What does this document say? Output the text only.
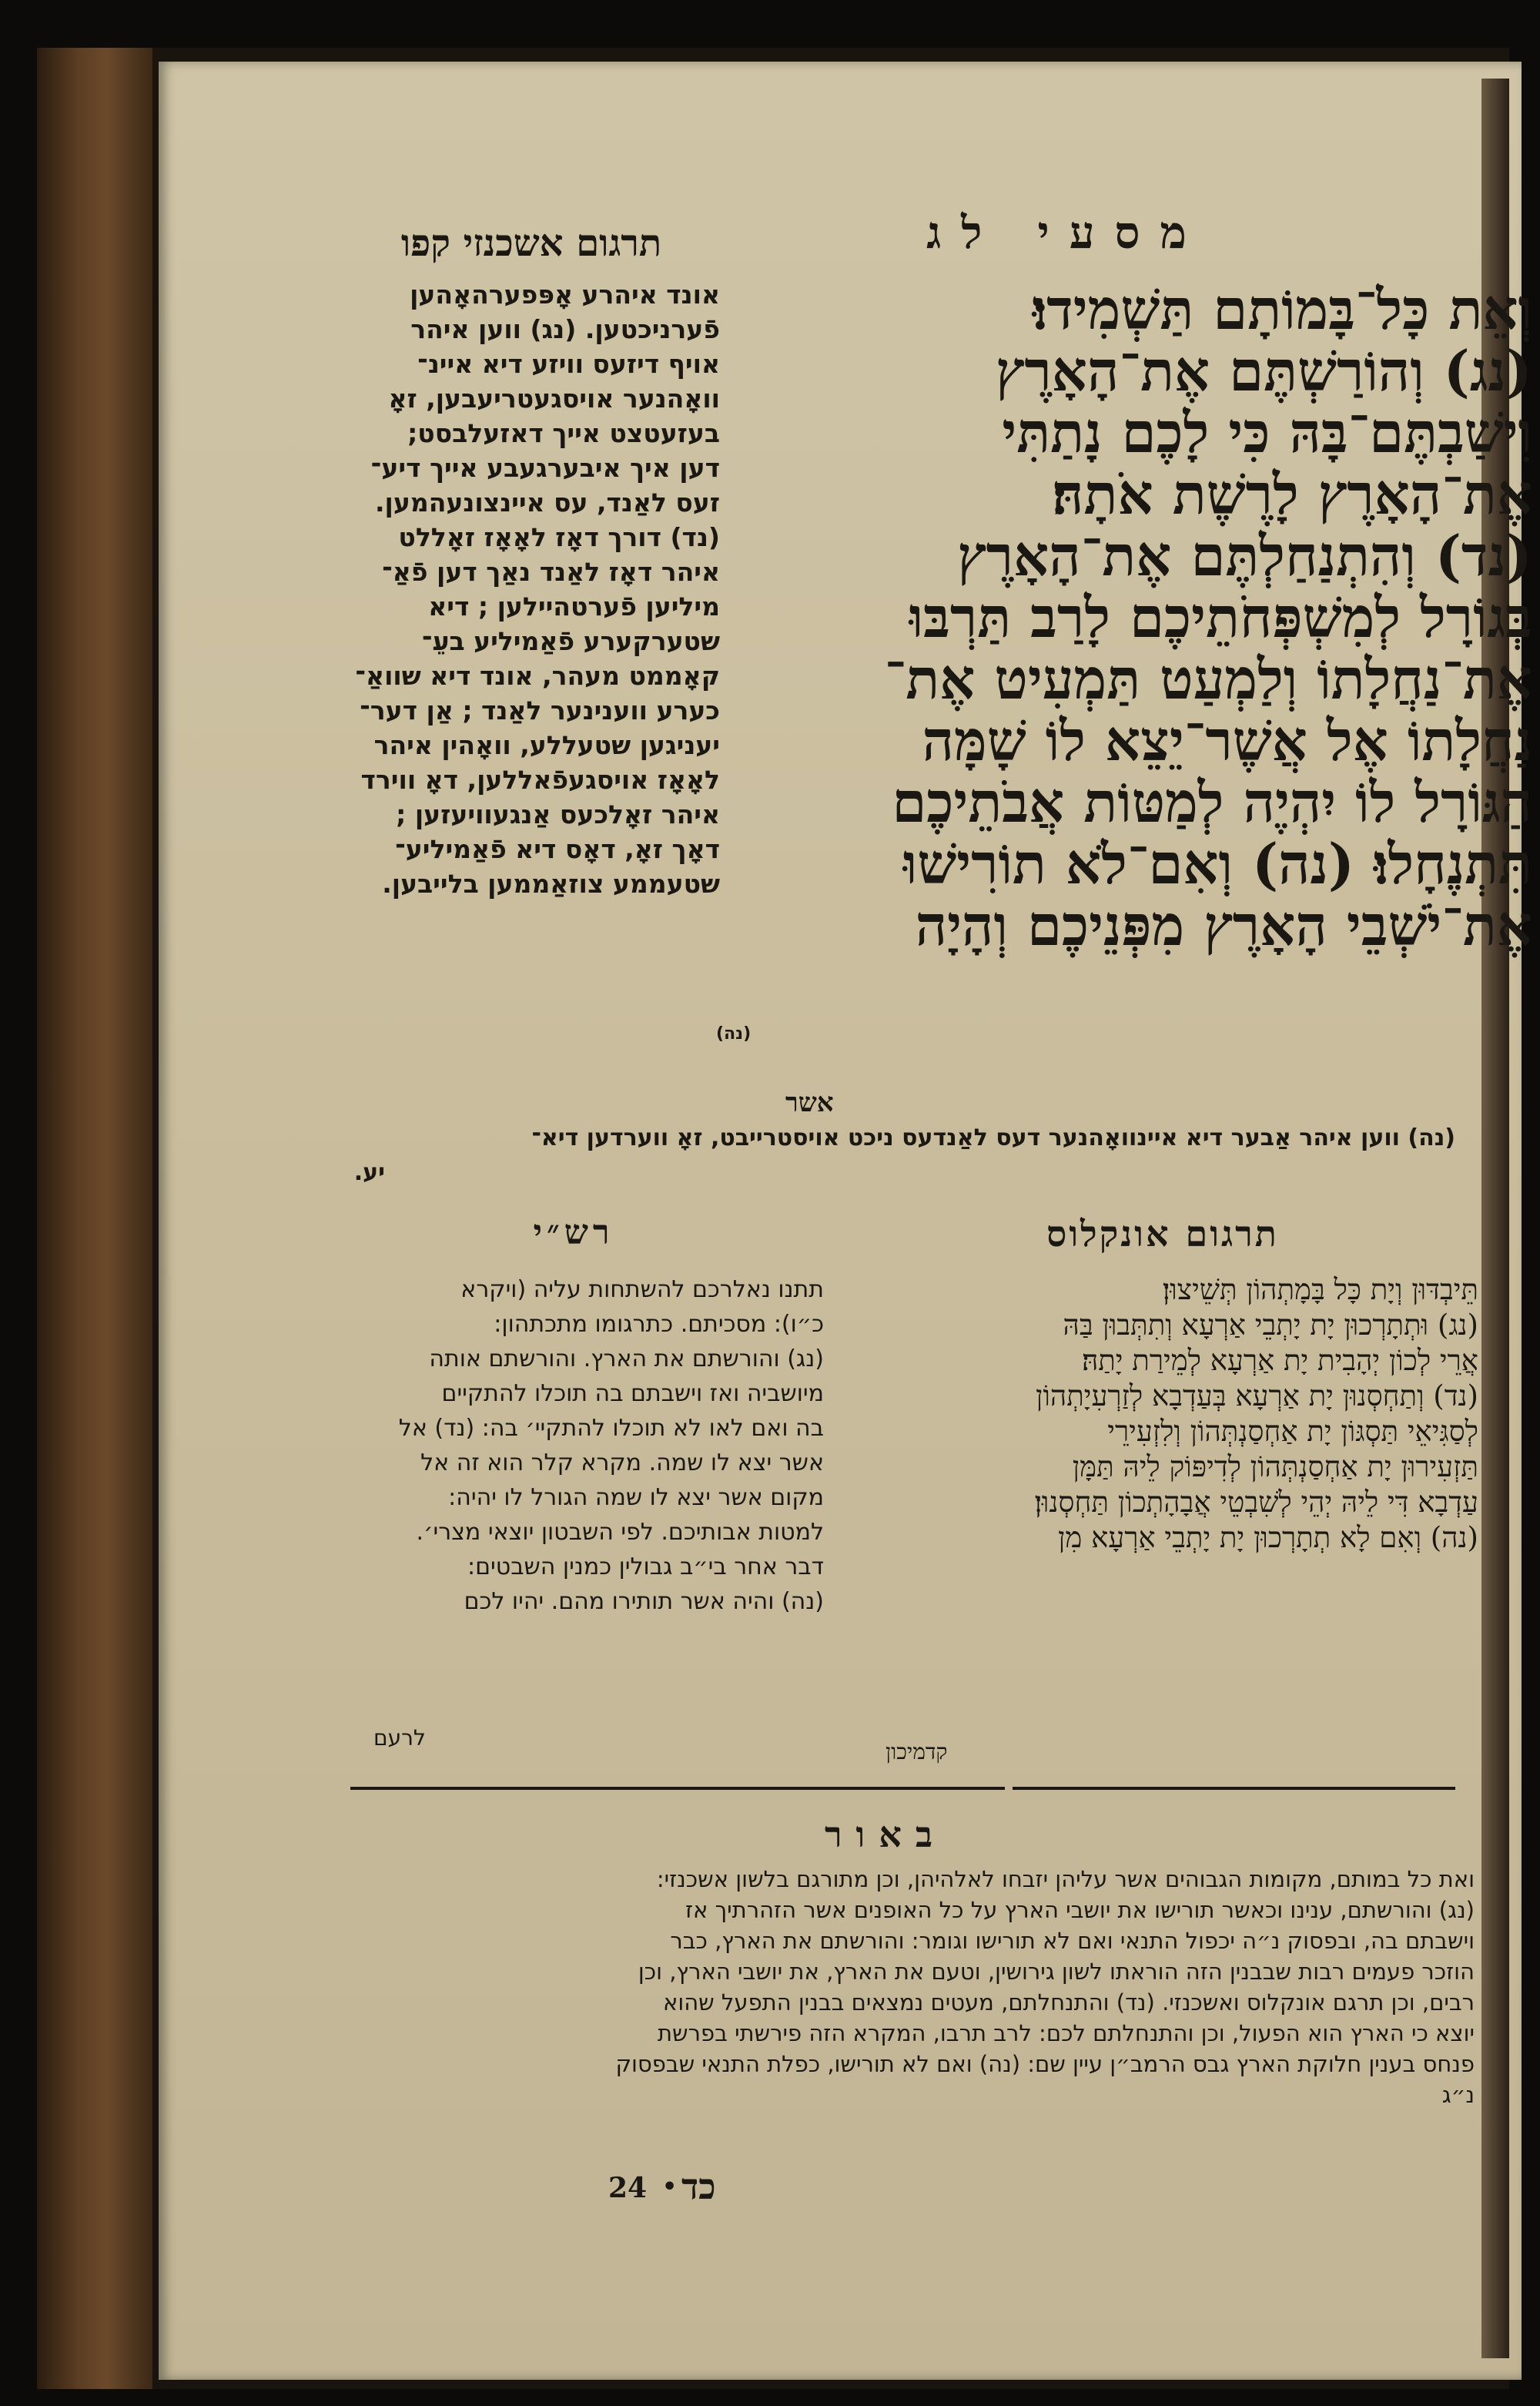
מסעי לג
תרגום אשכנזי קפו
וְאֵת כָּל־בָּמוֹתָם תַּשְׁמִידוּ׃
(נג) וְהוֹרַשְׁתֶּם אֶת־הָאָרֶץ
וִישַׁבְתֶּם־בָּהּ כִּי לָכֶם נָתַתִּי
אֶת־הָאָרֶץ לָרֶשֶׁת אֹתָהּ׃
(נד) וְהִתְנַחַלְתֶּם אֶת־הָאָרֶץ
בְּגוֹרָל לְמִשְׁפְּחֹתֵיכֶם לָרַב תַּרְבּוּ
אֶת־נַחֲלָתוֹ וְלַמְעַט תַּמְעִיט אֶת־
נַחֲלָתוֹ אֶל אֲשֶׁר־יֵצֵא לוֹ שָׁמָּה
הַגּוֹרָל לוֹ יִהְיֶה לְמַטּוֹת אֲבֹתֵיכֶם
תִּתְנֶחָלוּ׃ (נה) וְאִם־לֹא תוֹרִישׁוּ
אֶת־יֹשְׁבֵי הָאָרֶץ מִפְּנֵיכֶם וְהָיָה
אשר
אונד איהרע אָפּפערהאָהען
פֿערניכטען. (נג) ווען איהר
אויף דיזעס וויזע דיא איינ־
וואָהנער אויסגעטריעבען, זאָ
בעזעטצט אייך דאזעלבסט;
דען איך איבערגעבע אייך דיע־
זעס לאַנד, עס איינצונעהמען.
(נד) דורך דאָז לאָאָז זאָללט
איהר דאָז לאַנד נאַך דען פֿאַ־
מיליען פֿערטהיילען ; דיא
שטערקערע פֿאַמיליע בעֵ־
קאָממט מעהר, אונד דיא שוואַ־
כערע ווענינער לאַנד ; אַן דער־
יעניגען שטעללע, וואָהין איהר
לאָאָז אויסגעפֿאללען, דאָ ווירד
איהר זאָלכעס אַנגעוויעזען ;
דאָך זאָ, דאָס דיא פֿאַמיליע־
שטעממע צוזאַממען בלייבען.
(נה)
(נה) ווען איהר אַבער דיא איינוואָהנער דעס לאַנדעס ניכט אויסטרייבט, זאָ ווערדען דיא־
יע.
תרגום אונקלוס
תֵּיבְדּוּן וְיָת כָּל בָּמָתְהוֹן תְּשֵׁיצוּן׃
(נג) וּתְתָרְכוּן יָת יָתְבֵי אַרְעָא וְתִתְּבוּן בַּהּ
אֲרֵי לְכוֹן יְהָבִית יָת אַרְעָא לְמֵירַת יָתַהּ׃
(נד) וְתַחְסְנוּן יָת אַרְעָא בְּעַדְבָא לְזַרְעִיָתְהוֹן
לְסַגִּיאֵי תַּסְגּוֹן יָת אַחְסַנְתְּהוֹן וְלִזְעִירֵי
תַּזְעִירוּן יָת אַחְסַנְתְּהוֹן לְדִיפּוֹק לֵיהּ תַּמָּן
עַדְבָא דִּי לֵיהּ יְהֵי לְשִׁבְטֵי אֲבָהָתְכוֹן תַּחְסְנוּן׃
(נה) וְאִם לָא תְתָרְכוּן יָת יָתְבֵי אַרְעָא מִן
קדמיכון
רש״י
תתנו נאלרכם להשתחות עליה (ויקרא
כ״ו): מסכיתם. כתרגומו מתכתהון:
(נג) והורשתם את הארץ. והורשתם אותה
מיושביה ואז וישבתם בה תוכלו להתקיים
בה ואם לאו לא תוכלו להתקיי׳ בה: (נד) אל
אשר יצא לו שמה. מקרא קלר הוא זה אל
מקום אשר יצא לו שמה הגורל לו יהיה:
למטות אבותיכם. לפי השבטון יוצאי מצרי׳.
דבר אחר בי״ב גבולין כמנין השבטים:
(נה) והיה אשר תותירו מהם. יהיו לכם
לרעם
באור
ואת כל במותם, מקומות הגבוהים אשר עליהן יזבחו לאלהיהן, וכן מתורגם בלשון אשכנזי:
(נג) והורשתם, ענינו וכאשר תורישו את יושבי הארץ על כל האופנים אשר הזהרתיך אז
וישבתם בה, ובפסוק נ״ה יכפול התנאי ואם לא תורישו וגומר: והורשתם את הארץ, כבר
הוזכר פעמים רבות שבבנין הזה הוראתו לשון גירושין, וטעם את הארץ, את יושבי הארץ, וכן
רבים, וכן תרגם אונקלוס ואשכנזי. (נד) והתנחלתם, מעטים נמצאים בבנין התפעל שהוא
יוצא כי הארץ הוא הפעול, וכן והתנחלתם לכם: לרב תרבו, המקרא הזה פירשתי בפרשת
פנחס בענין חלוקת הארץ גבס הרמב״ן עיין שם: (נה) ואם לא תורישו, כפלת התנאי שבפסוק
נ״ג
24 • כד
